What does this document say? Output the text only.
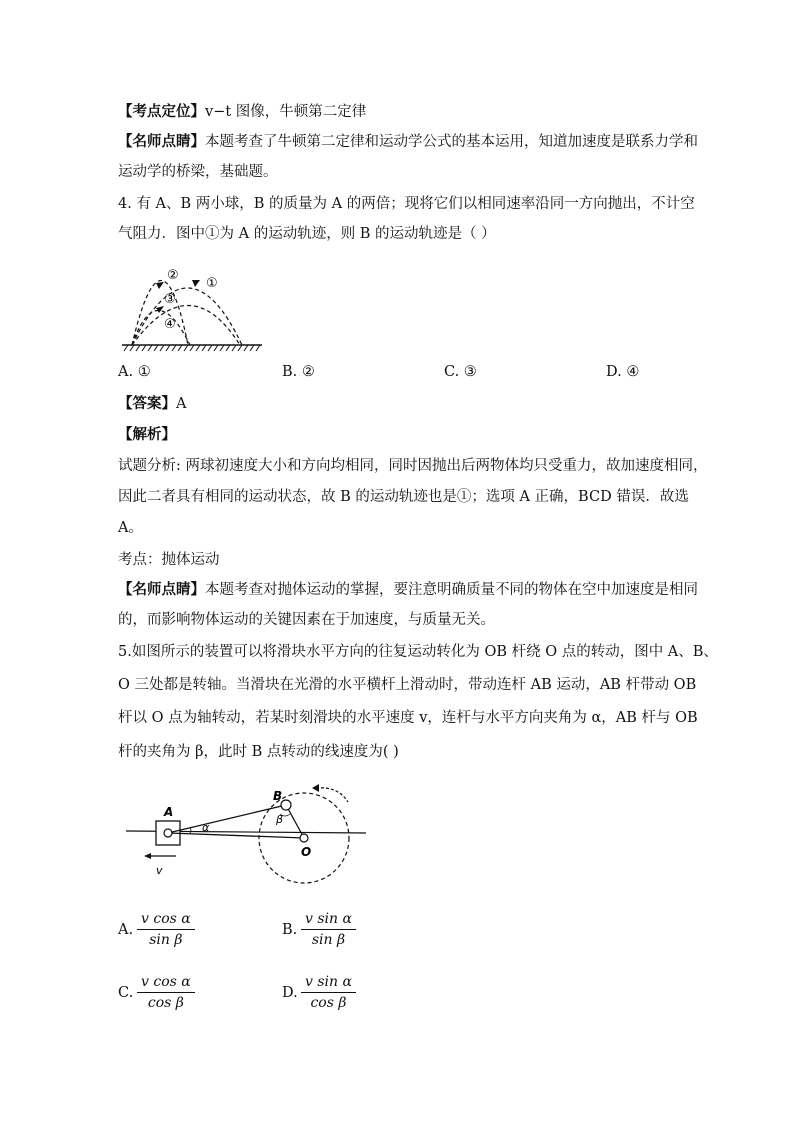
【考点定位】v−t 图像，牛顿第二定律
【名师点睛】本题考查了牛顿第二定律和运动学公式的基本运用，知道加速度是联系力学和
运动学的桥梁，基础题。
4. 有 A、B 两小球，B 的质量为 A 的两倍；现将它们以相同速率沿同一方向抛出，不计空
气阻力．图中①为 A 的运动轨迹，则 B 的运动轨迹是（ ）
②
①
③
④
A. ①	B. ②	C. ③	D. ④
【答案】A
【解析】
试题分析: 两球初速度大小和方向均相同，同时因抛出后两物体均只受重力，故加速度相同，
因此二者具有相同的运动状态，故 B 的运动轨迹也是①；选项 A 正确，BCD 错误．故选
A。
考点：抛体运动
【名师点睛】本题考查对抛体运动的掌握，要注意明确质量不同的物体在空中加速度是相同
的，而影响物体运动的关键因素在于加速度，与质量无关。
5.如图所示的装置可以将滑块水平方向的往复运动转化为 OB 杆绕 O 点的转动，图中 A、B、
O 三处都是转轴。当滑块在光滑的水平横杆上滑动时，带动连杆 AB 运动，AB 杆带动 OB
杆以 O 点为轴转动，若某时刻滑块的水平速度 v，连杆与水平方向夹角为 α，AB 杆与 OB
杆的夹角为 β，此时 B 点转动的线速度为( )
A
B
O
α
β
v
A. $\frac{\text{v cos α}}{\text{sin β}}$	B. $\frac{\text{v sin α}}{\text{sin β}}$
C. $\frac{\text{v cos α}}{\text{cos β}}$	D. $\frac{\text{v sin α}}{\text{cos β}}$
